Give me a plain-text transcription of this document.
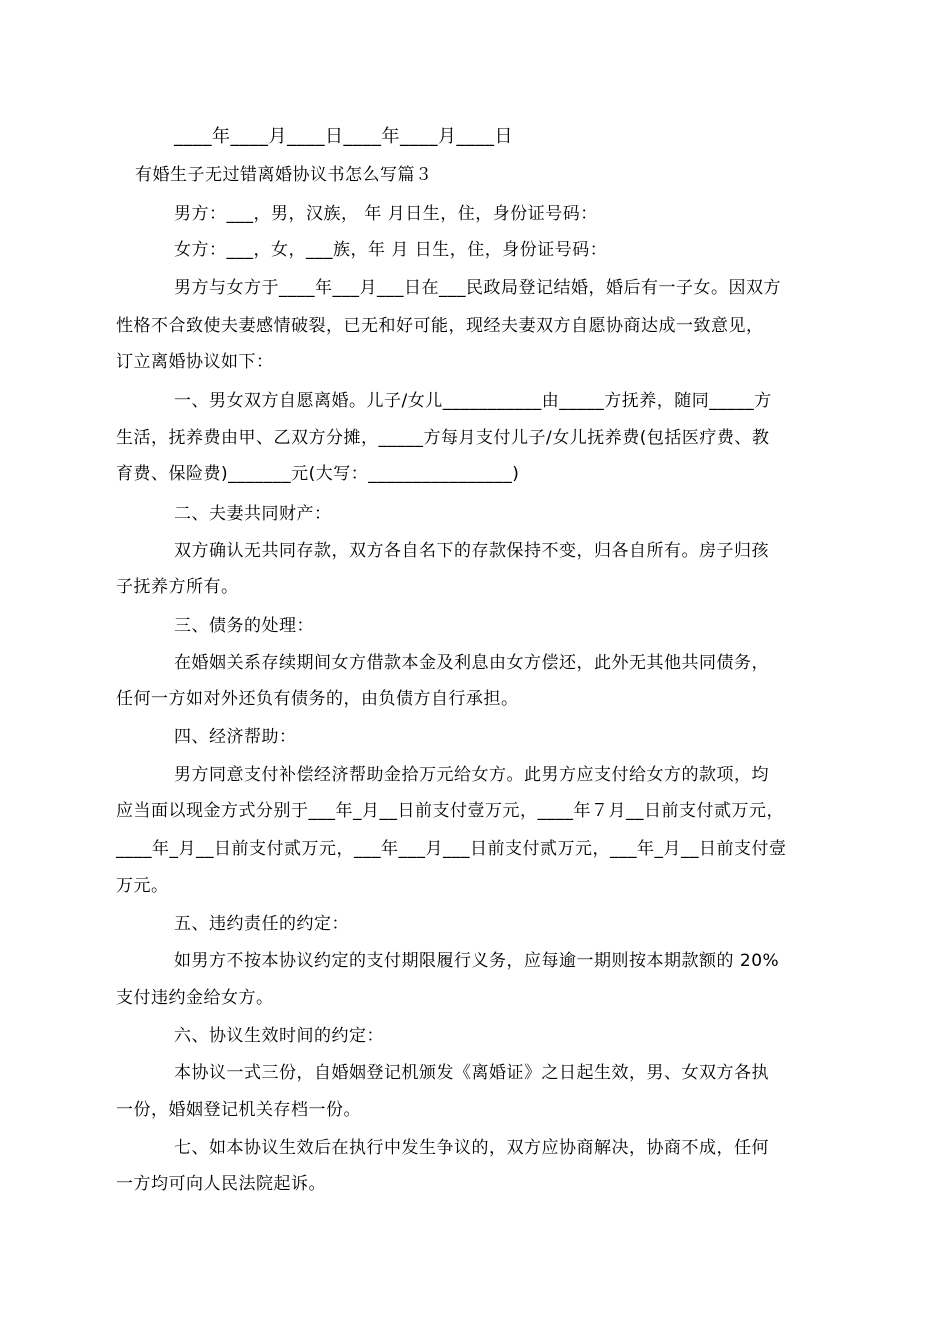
____年____月____日____年____月____日
有婚生子无过错离婚协议书怎么写篇３
男方：___，男，汉族， 年 月日生，住，身份证号码：
女方：___，女，___族，年 月 日生，住，身份证号码：
男方与女方于____年___月___日在___民政局登记结婚，婚后有一子女。因双方
性格不合致使夫妻感情破裂，已无和好可能，现经夫妻双方自愿协商达成一致意见，
订立离婚协议如下：
一、男女双方自愿离婚。儿子/女儿___________由_____方抚养，随同_____方
生活，抚养费由甲、乙双方分摊，_____方每月支付儿子/女儿抚养费(包括医疗费、教
育费、保险费)_______元(大写：________________)
二、夫妻共同财产：
双方确认无共同存款，双方各自名下的存款保持不变，归各自所有。房子归孩
子抚养方所有。
三、债务的处理：
在婚姻关系存续期间女方借款本金及利息由女方偿还，此外无其他共同债务，
任何一方如对外还负有债务的，由负债方自行承担。
四、经济帮助：
男方同意支付补偿经济帮助金拾万元给女方。此男方应支付给女方的款项，均
应当面以现金方式分别于___年_月__日前支付壹万元，____年７月__日前支付贰万元，
____年_月__日前支付贰万元，___年___月___日前支付贰万元，___年_月__日前支付壹
万元。
五、违约责任的约定：
如男方不按本协议约定的支付期限履行义务，应每逾一期则按本期款额的 20%
支付违约金给女方。
六、协议生效时间的约定：
本协议一式三份，自婚姻登记机颁发《离婚证》之日起生效，男、女双方各执
一份，婚姻登记机关存档一份。
七、如本协议生效后在执行中发生争议的，双方应协商解决，协商不成，任何
一方均可向人民法院起诉。
